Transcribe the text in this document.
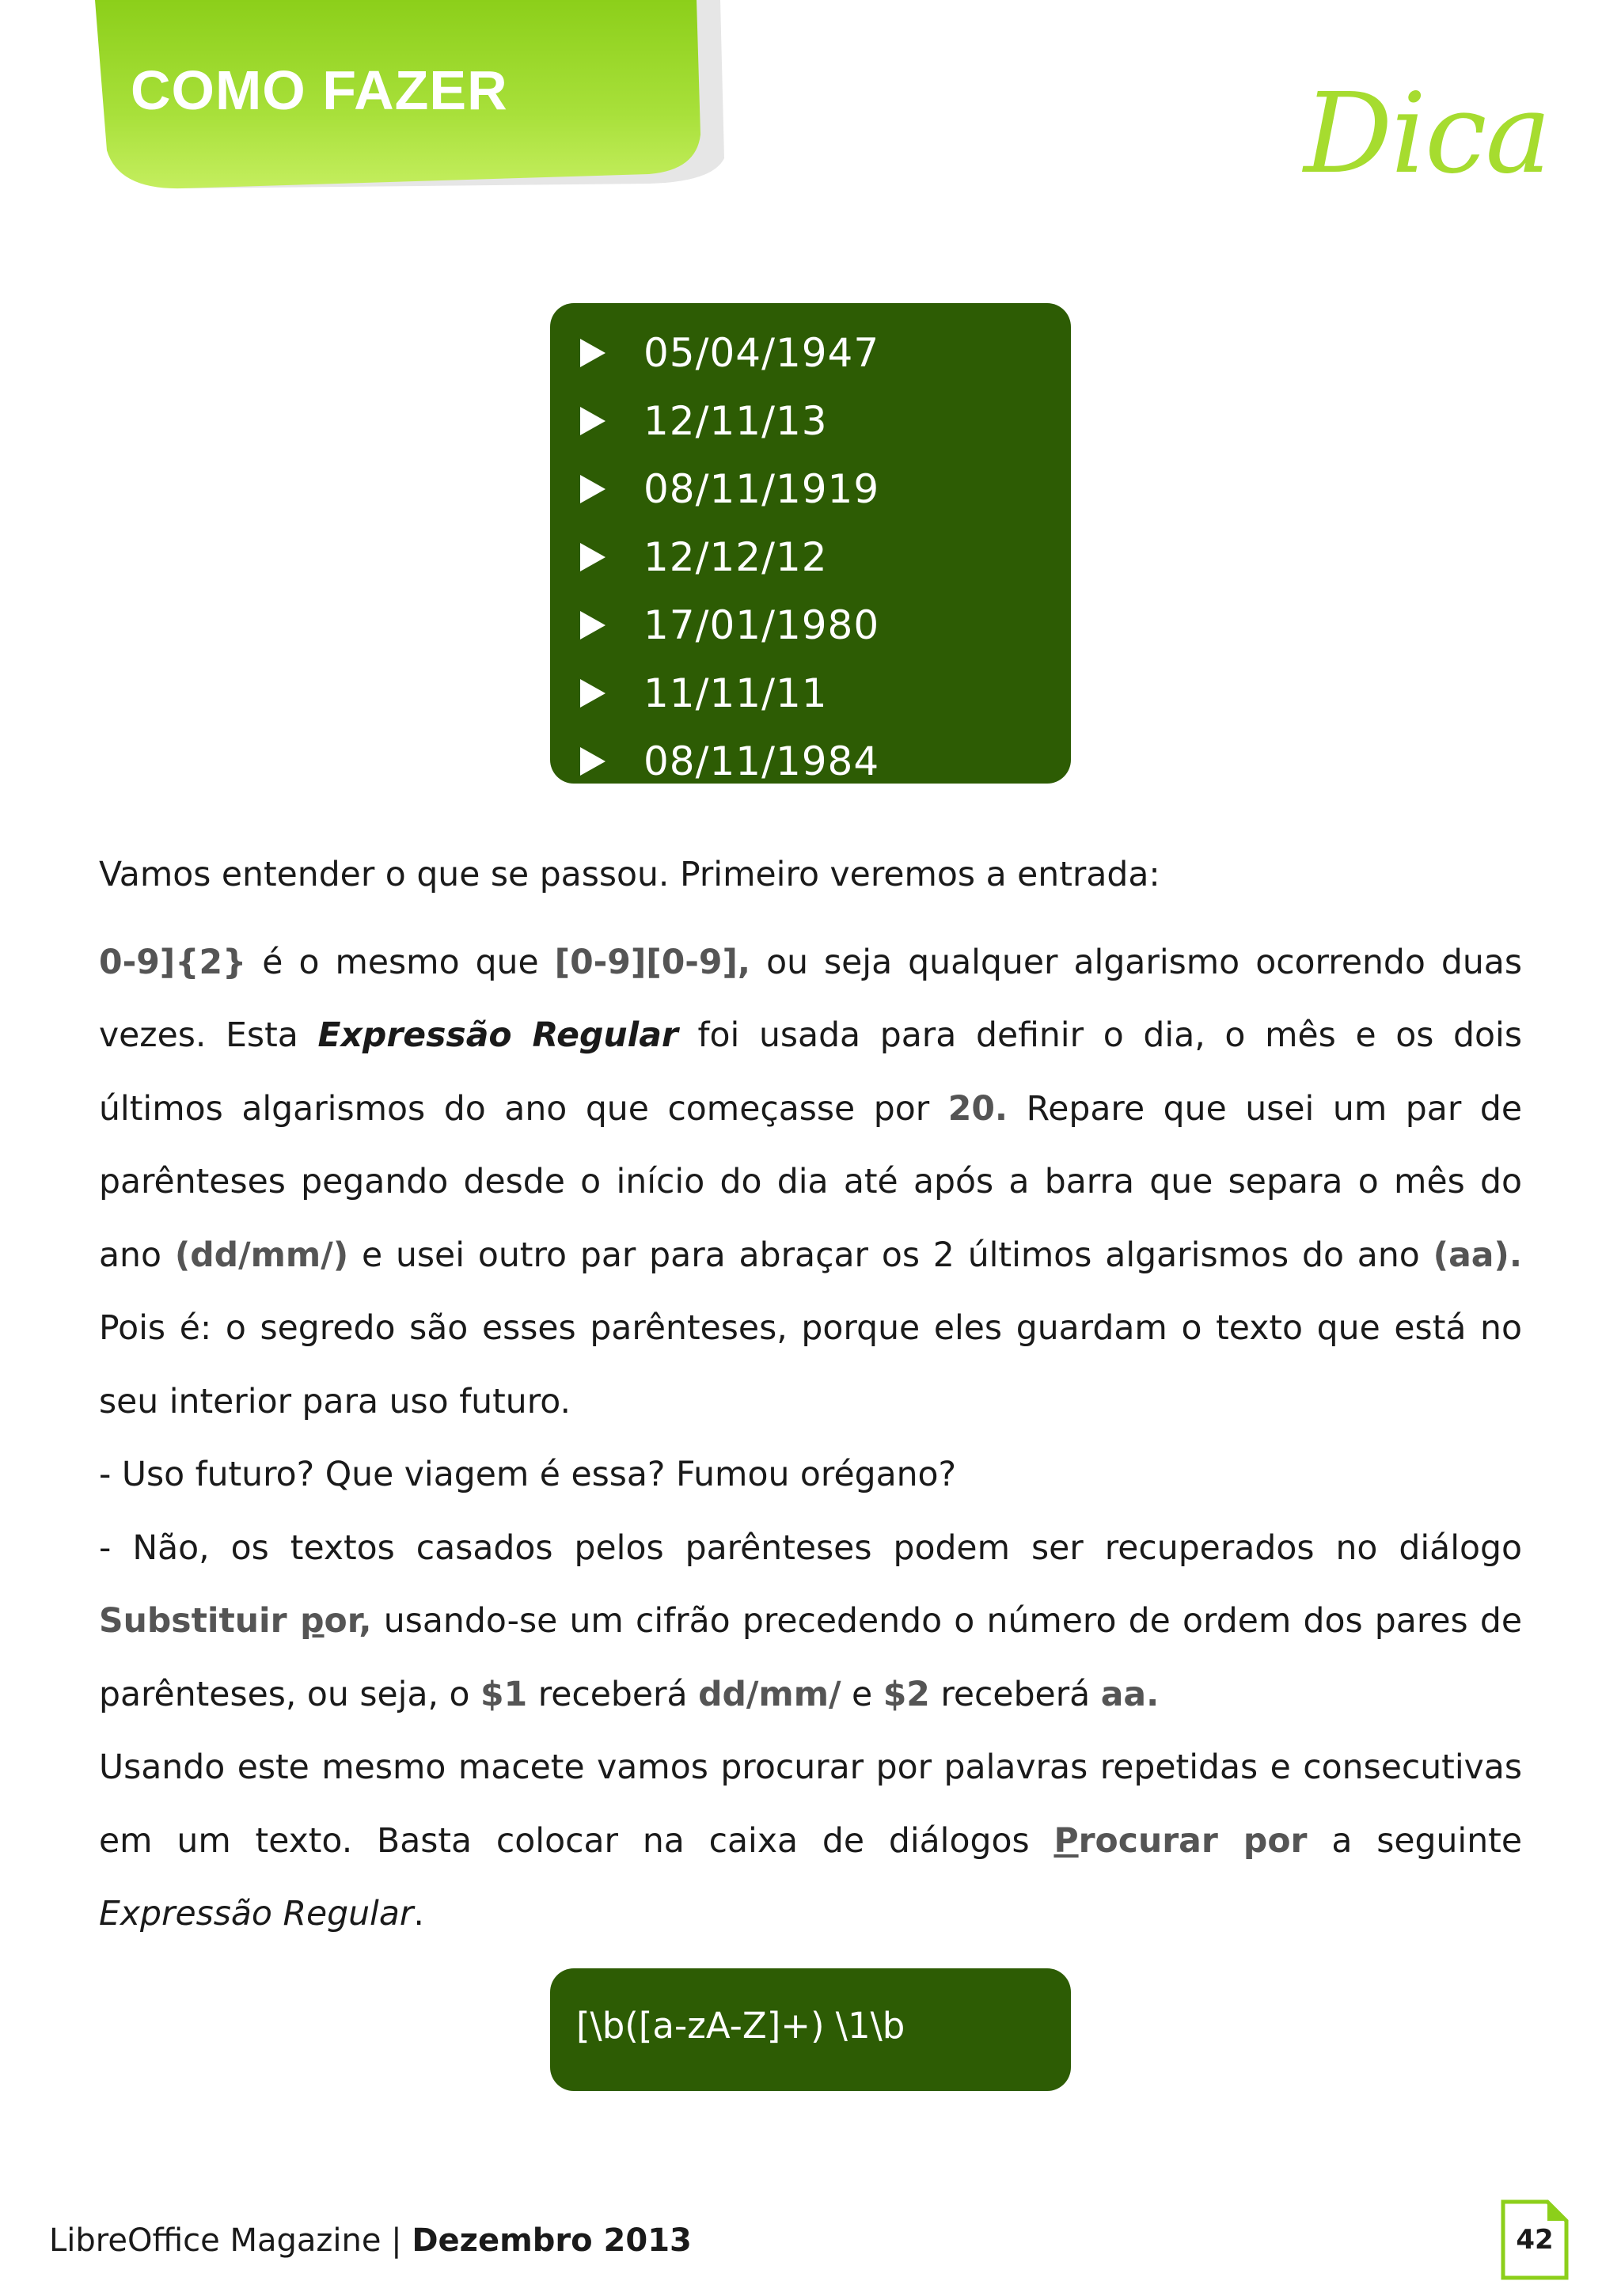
COMO FAZER	Dica
05/04/1947
12/11/13
08/11/1919
12/12/12
17/01/1980
11/11/11
08/11/1984

Vamos entender o que se passou. Primeiro veremos a entrada:

0-9]{2} é o mesmo que [0-9][0-9], ou seja qualquer algarismo ocorrendo duas vezes. Esta Expressão Regular foi usada para definir o dia, o mês e os dois últimos algarismos do ano que começasse por 20. Repare que usei um par de parênteses pegando desde o início do dia até após a barra que separa o mês do ano (dd/mm/) e usei outro par para abraçar os 2 últimos algarismos do ano (aa). Pois é: o segredo são esses parênteses, porque eles guardam o texto que está no seu interior para uso futuro.

- Uso futuro? Que viagem é essa? Fumou orégano?

- Não, os textos casados pelos parênteses podem ser recuperados no diálogo Substituir por, usando-se um cifrão precedendo o número de ordem dos pares de parênteses, ou seja, o $1 receberá dd/mm/ e $2 receberá aa.

Usando este mesmo macete vamos procurar por palavras repetidas e consecutivas em um texto. Basta colocar na caixa de diálogos Procurar por a seguinte Expressão Regular.

[\b([a-zA-Z]+) \1\b
LibreOffice Magazine | Dezembro 2013	42
